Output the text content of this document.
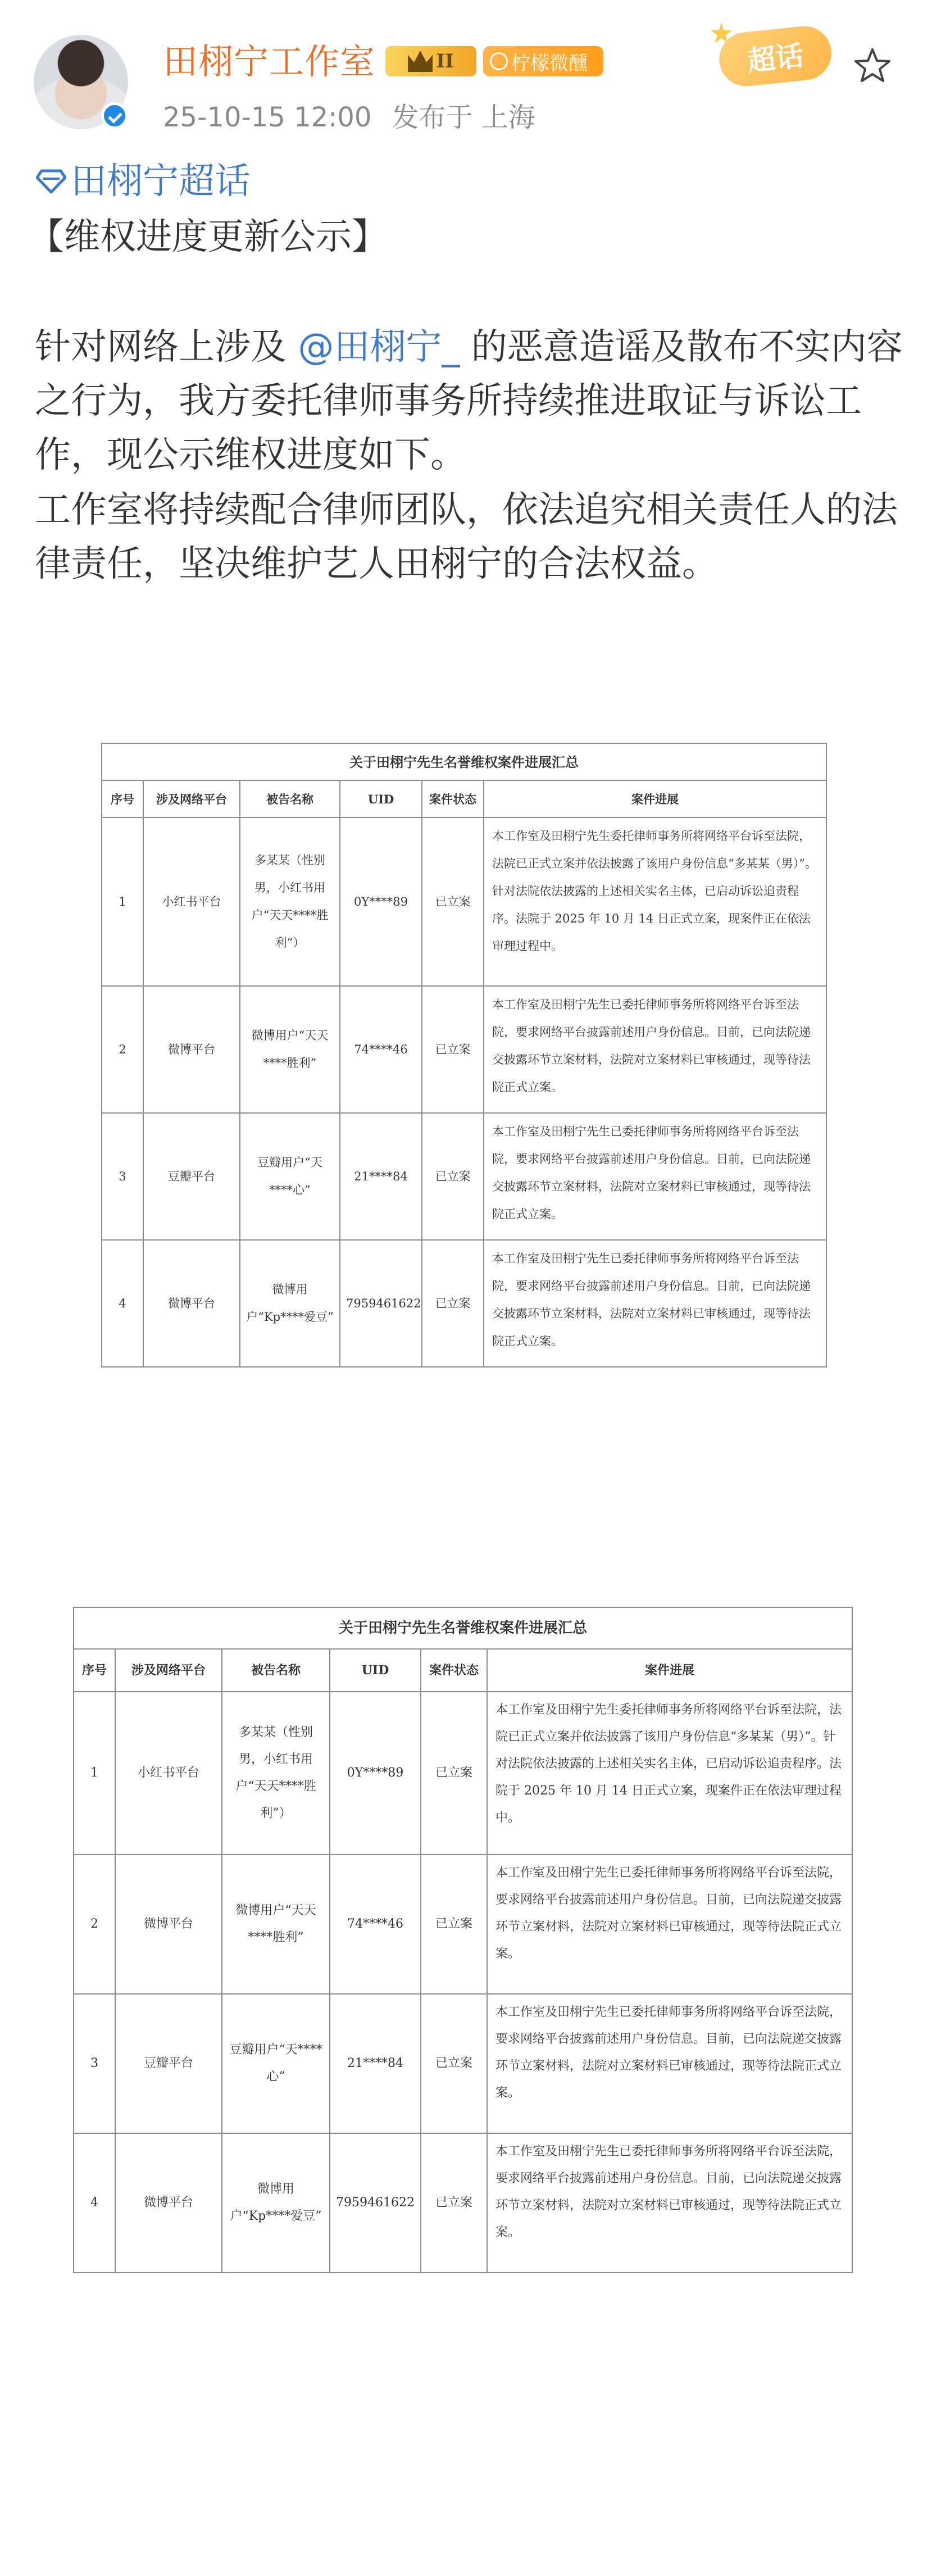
田栩宁工作室	II	柠檬微醺
25-10-15 12:00 发布于 上海
超话
田栩宁超话
【维权进度更新公示】

针对网络上涉及 @田栩宁_ 的恶意造谣及散布不实内容之行为，我方委托律师事务所持续推进取证与诉讼工作，现公示维权进度如下。

工作室将持续配合律师团队，依法追究相关责任人的法律责任，坚决维护艺人田栩宁的合法权益。

关于田栩宁先生名誉维权案件进展汇总					
序号	涉及网络平台	被告名称	UID	案件状态	案件进展
1	小红书平台	多某某（性别男，小红书用户“天天****胜利”）	0Y****89	已立案	本工作室及田栩宁先生委托律师事务所将网络平台诉至法院，法院已正式立案并依法披露了该用户身份信息“多某某（男）”。针对法院依法披露的上述相关实名主体，已启动诉讼追责程序。法院于 2025 年 10 月 14 日正式立案，现案件正在依法审理过程中。
2	微博平台	微博用户“天天****胜利”	74****46	已立案	本工作室及田栩宁先生已委托律师事务所将网络平台诉至法院，要求网络平台披露前述用户身份信息。目前，已向法院递交披露环节立案材料，法院对立案材料已审核通过，现等待法院正式立案。
3	豆瓣平台	豆瓣用户“天****心”	21****84	已立案	本工作室及田栩宁先生已委托律师事务所将网络平台诉至法院，要求网络平台披露前述用户身份信息。目前，已向法院递交披露环节立案材料，法院对立案材料已审核通过，现等待法院正式立案。
4	微博平台	微博用户“Kp****爱豆”	7959461622	已立案	本工作室及田栩宁先生已委托律师事务所将网络平台诉至法院，要求网络平台披露前述用户身份信息。目前，已向法院递交披露环节立案材料，法院对立案材料已审核通过，现等待法院正式立案。
关于田栩宁先生名誉维权案件进展汇总					
序号	涉及网络平台	被告名称	UID	案件状态	案件进展
1	小红书平台	多某某（性别男，小红书用户“天天****胜利”）	0Y****89	已立案	本工作室及田栩宁先生委托律师事务所将网络平台诉至法院，法院已正式立案并依法披露了该用户身份信息“多某某（男）”。针对法院依法披露的上述相关实名主体，已启动诉讼追责程序。法院于 2025 年 10 月 14 日正式立案，现案件正在依法审理过程中。
2	微博平台	微博用户“天天****胜利”	74****46	已立案	本工作室及田栩宁先生已委托律师事务所将网络平台诉至法院，要求网络平台披露前述用户身份信息。目前，已向法院递交披露环节立案材料，法院对立案材料已审核通过，现等待法院正式立案。
3	豆瓣平台	豆瓣用户“天****心”	21****84	已立案	本工作室及田栩宁先生已委托律师事务所将网络平台诉至法院，要求网络平台披露前述用户身份信息。目前，已向法院递交披露环节立案材料，法院对立案材料已审核通过，现等待法院正式立案。
4	微博平台	微博用户“Kp****爱豆”	7959461622	已立案	本工作室及田栩宁先生已委托律师事务所将网络平台诉至法院，要求网络平台披露前述用户身份信息。目前，已向法院递交披露环节立案材料，法院对立案材料已审核通过，现等待法院正式立案。
